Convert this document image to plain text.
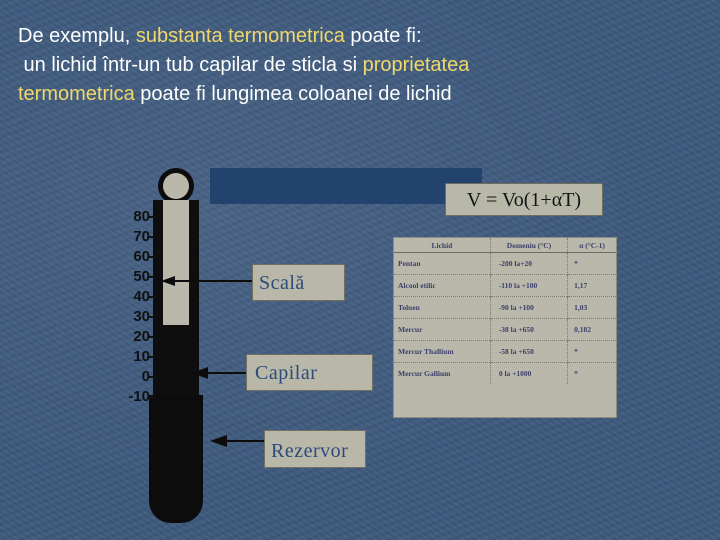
De exemplu, substanta termometrica poate fi:
un lichid într-un tub capilar de sticla si proprietatea
termometrica poate fi lungimea coloanei de lichid
V = Vo(1+αT)
80
70
60
50
40
30
20
10
0
-10
Scală
Capilar
Rezervor
Lichid	Domeniu (°C)	α (°C-1)
Pentan	-200 la+20	*
Alcool etilic	-110 la +100	1,17
Toluen	-90 la +100	1,03
Mercur	-38 la +650	0,182
Mercur Thallium	-58 la +650	*
Mercur Gallium	0 la +1000	*
